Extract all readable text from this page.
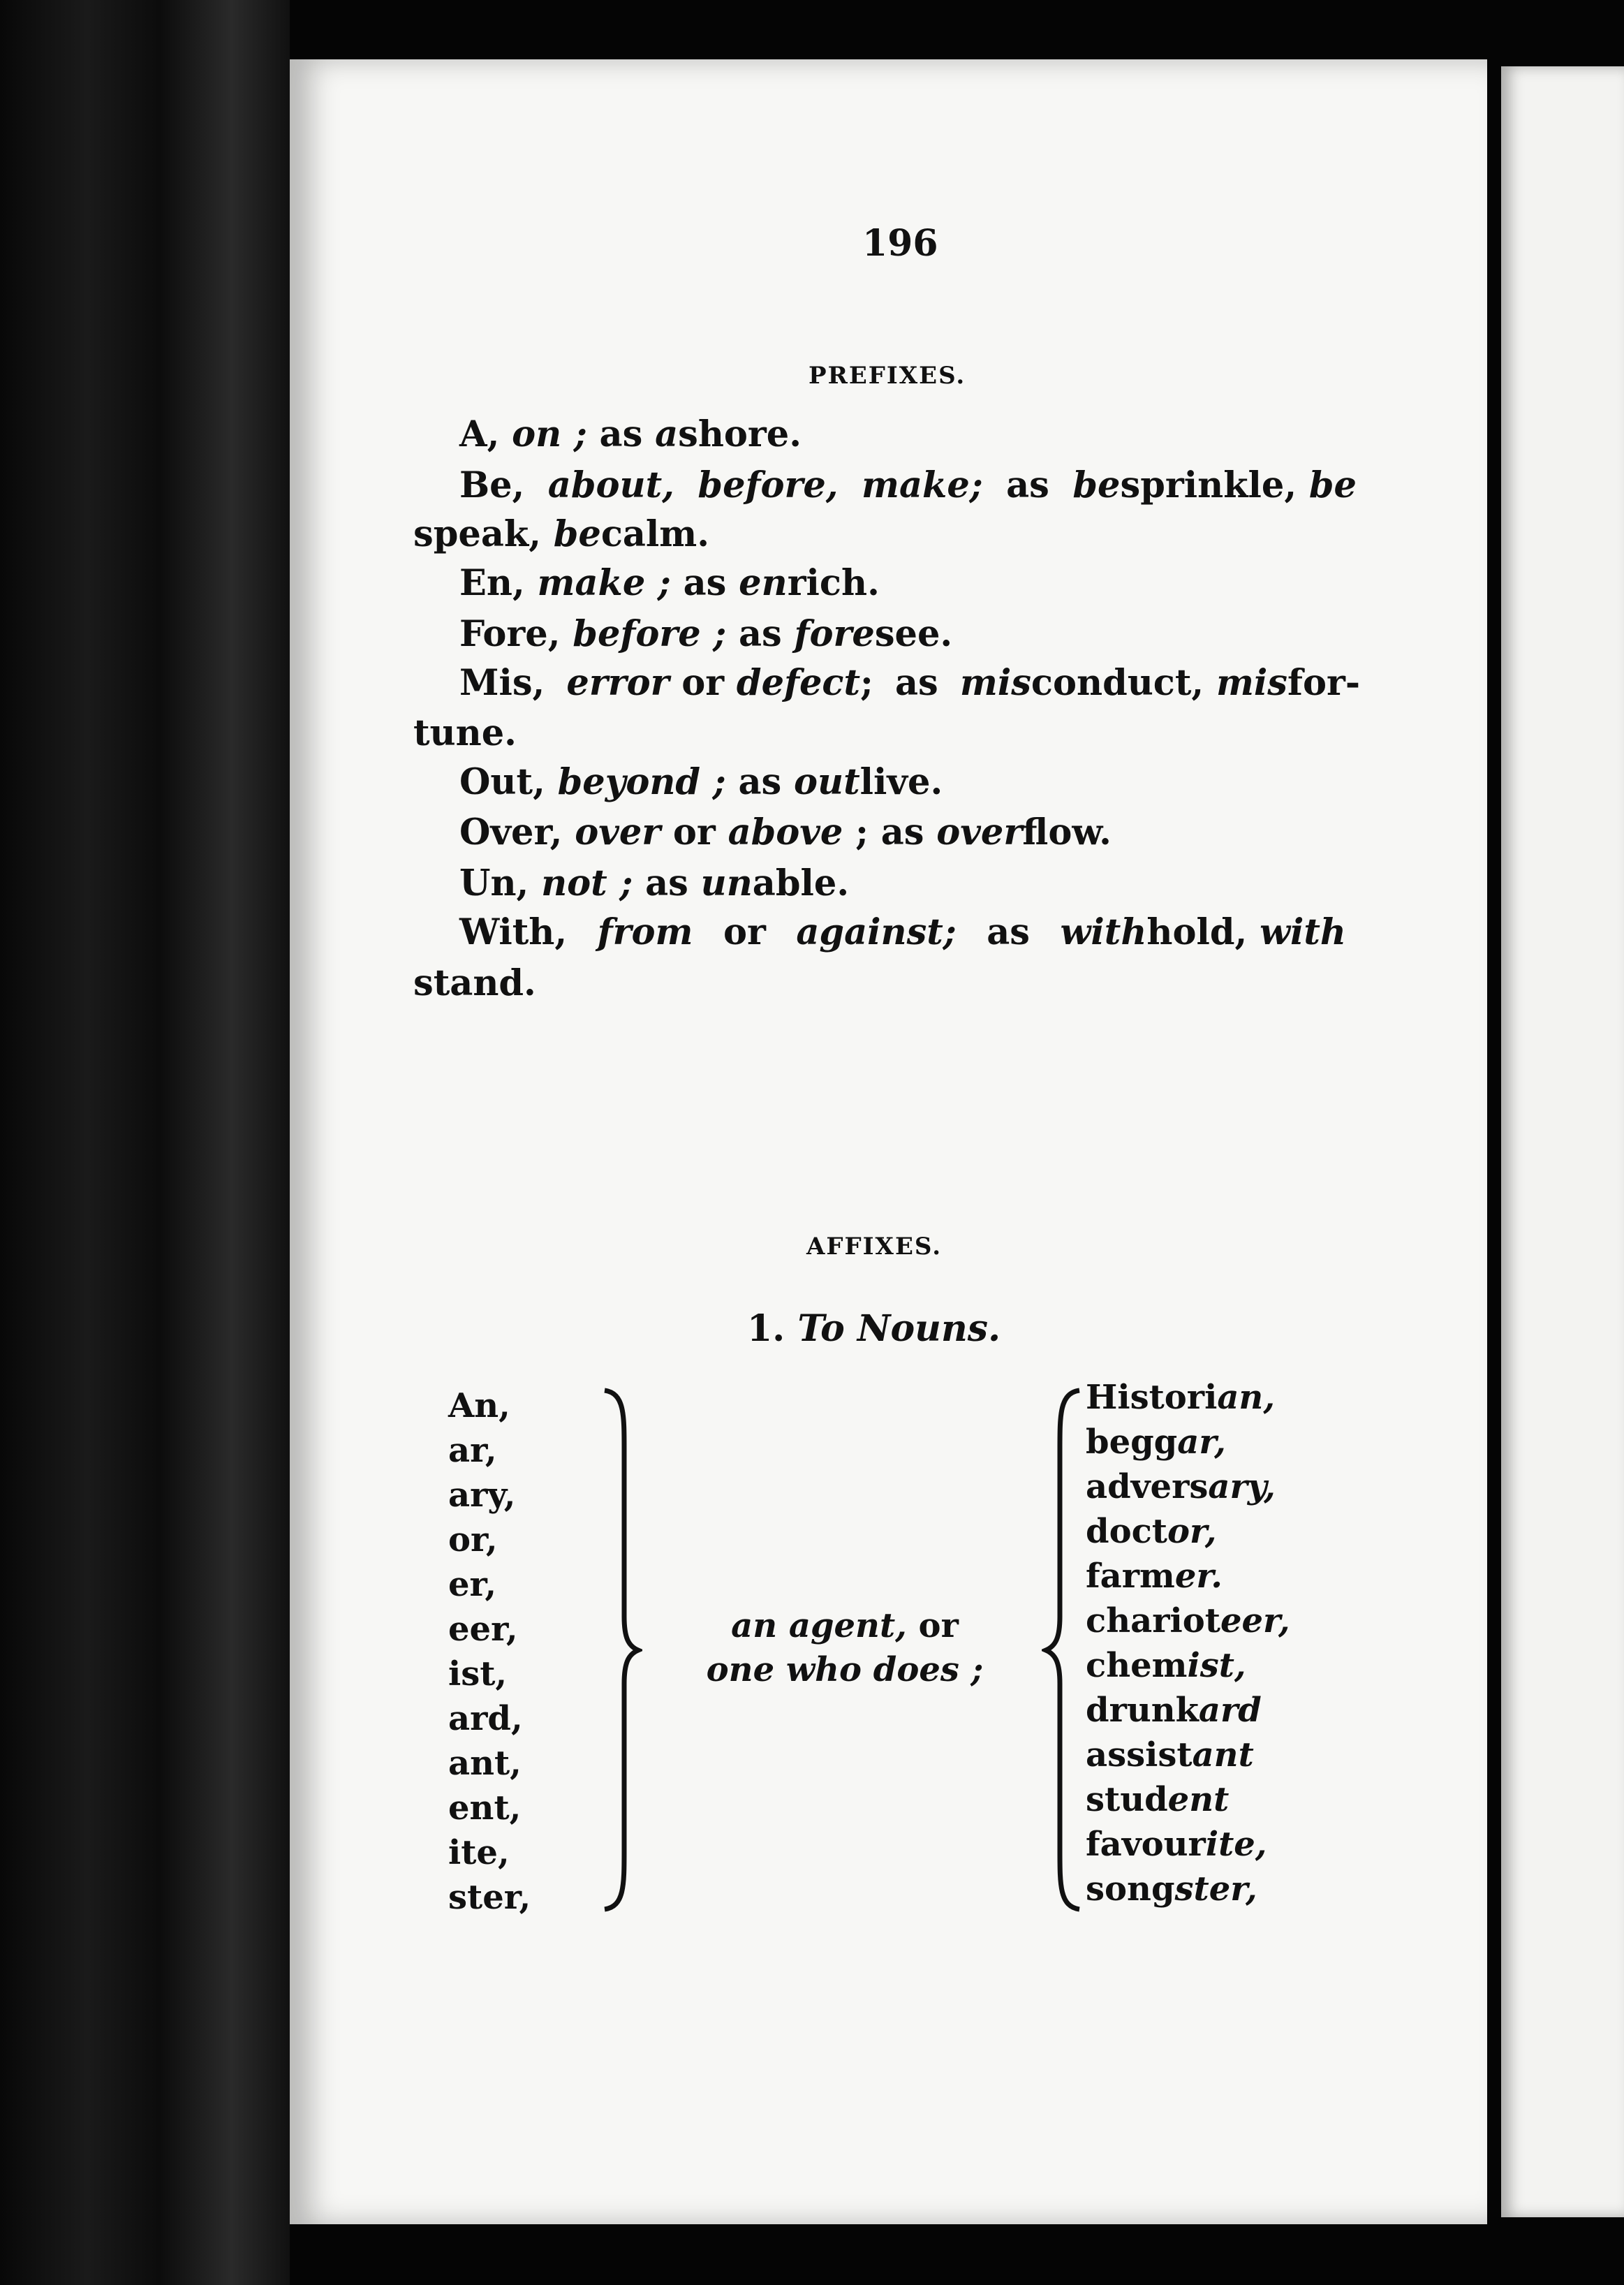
196
PREFIXES.
A, on ; as ashore.
Be, about, before, make; as besprinkle, be
speak, becalm.
En, make ; as enrich.
Fore, before ; as foresee.
Mis, error or defect; as misconduct, misfor-
tune.
Out, beyond ; as outlive.
Over, over or above ; as overflow.
Un, not ; as unable.
With, from or against; as withhold, with
stand.
AFFIXES.
1. To Nouns.
An,
ar,
ary,
or,
er,
eer,
ist,
ard,
ant,
ent,
ite,
ster,
Historian,
beggar,
adversary,
doctor,
farmer.
charioteer,
chemist,
drunkard
assistant
student
favourite,
songster,
an agent, or
one who does ;
